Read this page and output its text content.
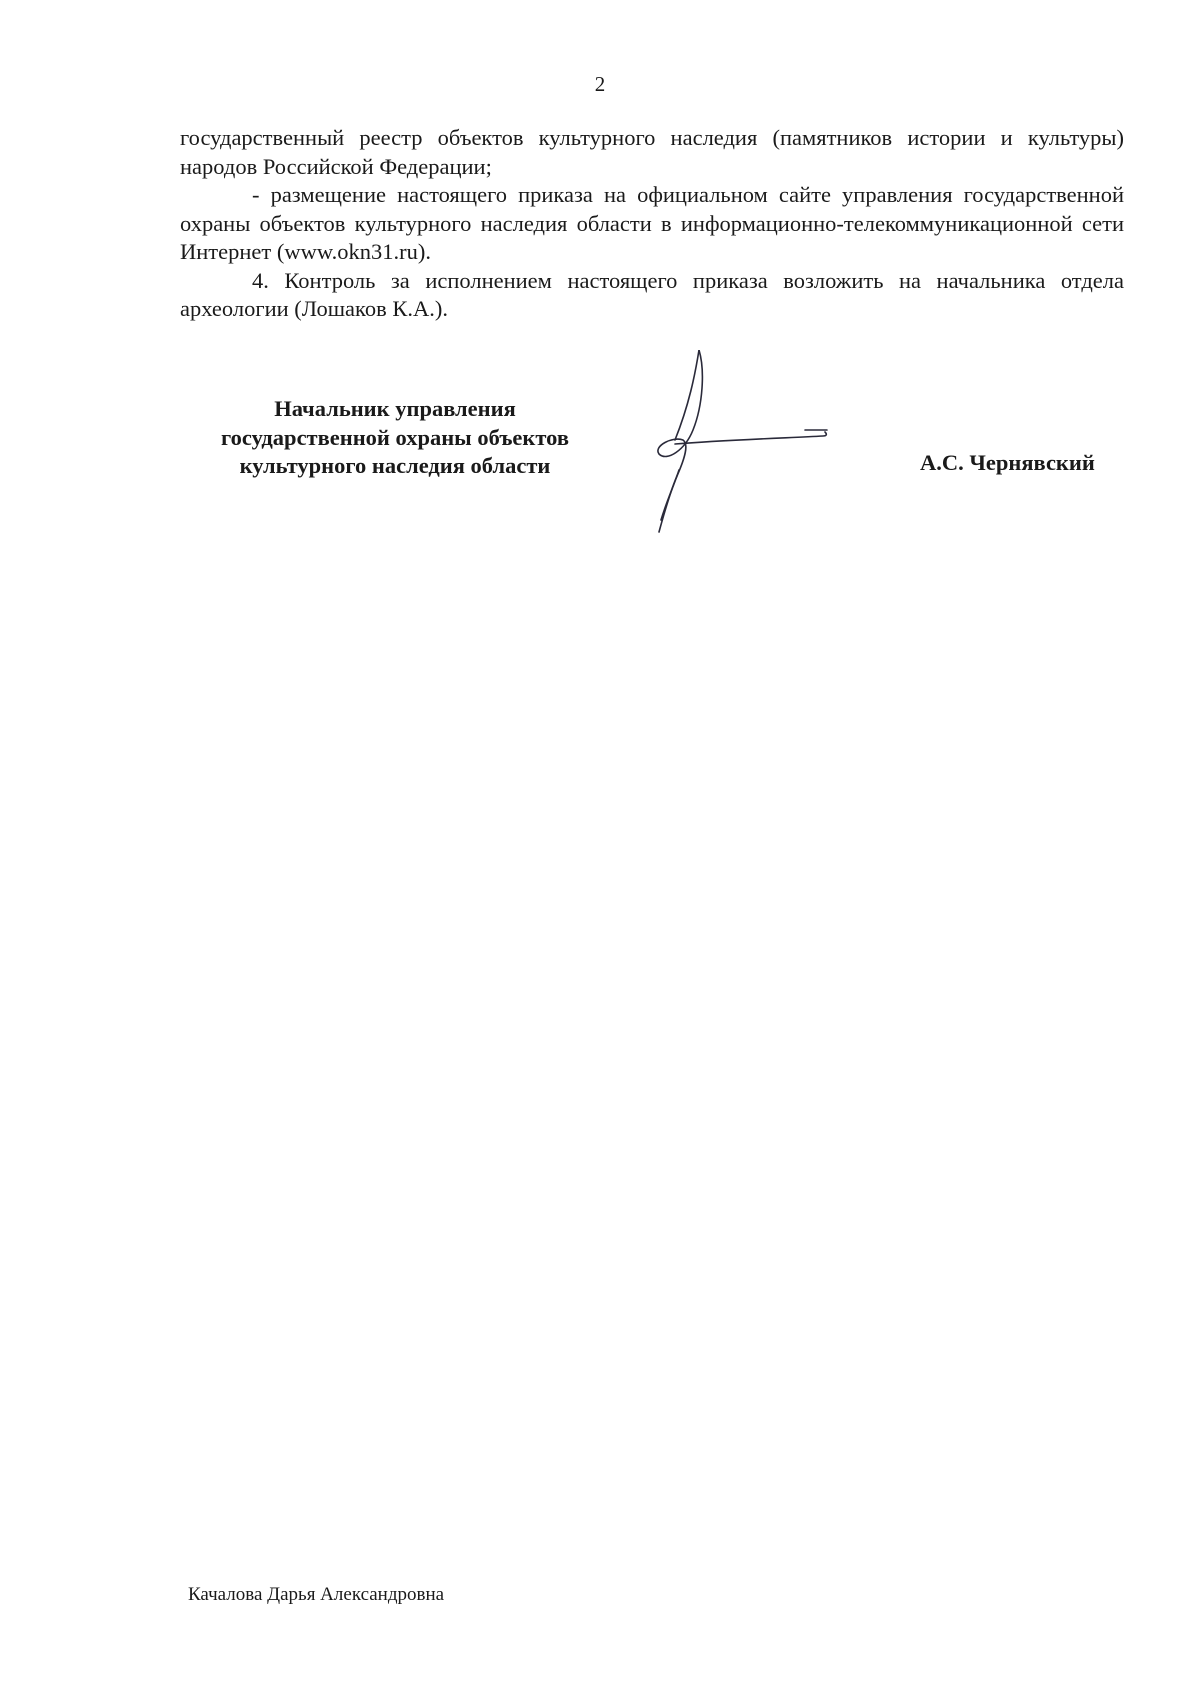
2

государственный реестр объектов культурного наследия (памятников истории и культуры) народов Российской Федерации;

- размещение настоящего приказа на официальном сайте управления государственной охраны объектов культурного наследия области в информационно-телекоммуникационной сети Интернет (www.okn31.ru).

4. Контроль за исполнением настоящего приказа возложить на начальника отдела археологии (Лошаков К.А.).

Начальник управления
государственной охраны объектов
культурного наследия области	А.С. Чернявский
Качалова Дарья Александровна
